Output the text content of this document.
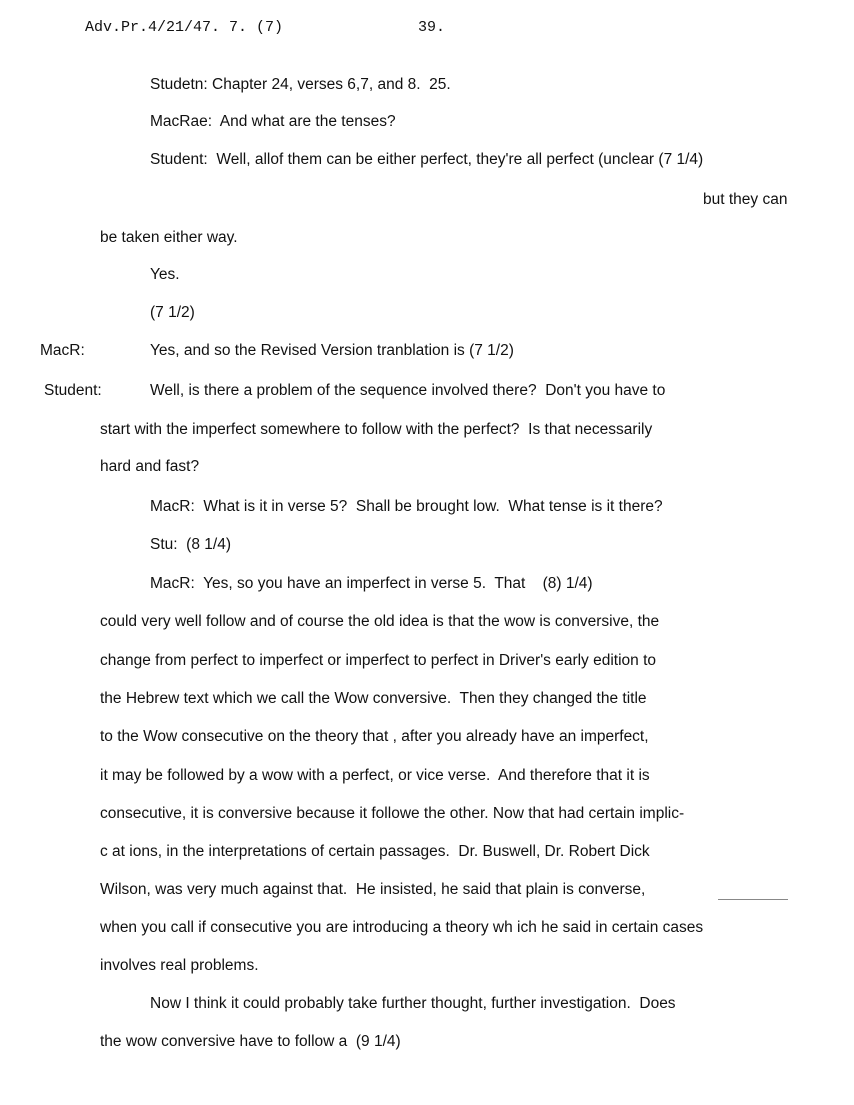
Adv.Pr.4/21/47. 7. (7)	39.
Studetn: Chapter 24, verses 6,7, and 8.  25.
MacRae:  And what are the tenses?
Student:  Well, allof them can be either perfect, they're all perfect (unclear (7 1/4)
but they can
be taken either way.
Yes.
(7 1/2)
MacR:	Yes, and so the Revised Version tranblation is (7 1/2)
Student:	Well, is there a problem of the sequence involved there?  Don't you have to
start with the imperfect somewhere to follow with the perfect?  Is that necessarily
hard and fast?
MacR:  What is it in verse 5?  Shall be brought low.  What tense is it there?
Stu:  (8 1/4)
MacR:  Yes, so you have an imperfect in verse 5.  That    (8) 1/4)
could very well follow and of course the old idea is that the wow is conversive, the
change from perfect to imperfect or imperfect to perfect in Driver's early edition to
the Hebrew text which we call the Wow conversive.  Then they changed the title
to the Wow consecutive on the theory that , after you already have an imperfect,
it may be followed by a wow with a perfect, or vice verse.  And therefore that it is
consecutive, it is conversive because it followe the other. Now that had certain implic-
c at ions, in the interpretations of certain passages.  Dr. Buswell, Dr. Robert Dick
Wilson, was very much against that.  He insisted, he said that plain is converse,
when you call if consecutive you are introducing a theory wh ich he said in certain cases
involves real problems.
Now I think it could probably take further thought, further investigation.  Does
the wow conversive have to follow a  (9 1/4)
